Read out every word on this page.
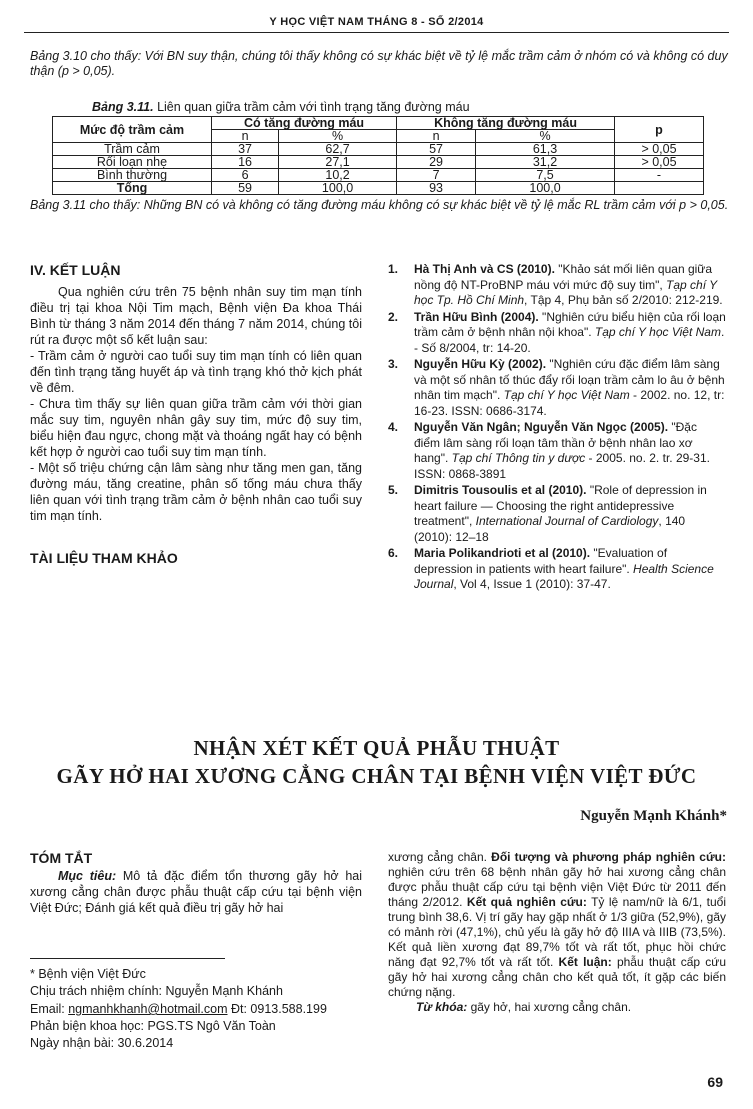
Y HỌC VIỆT NAM THÁNG 8 - SỐ 2/2014
Bảng 3.10 cho thấy: Với BN suy thận, chúng tôi thấy không có sự khác biệt về tỷ lệ mắc trầm cảm ở nhóm có và không có duy thận (p > 0,05).
Bảng 3.11. Liên quan giữa trầm cảm với tình trạng tăng đường máu
Mức độ trầm cảm	Có tăng đường máu		Không tăng đường máu		p
	n	%	n	%	
Trầm cảm	37	62,7	57	61,3	> 0,05
Rối loạn nhẹ	16	27,1	29	31,2	> 0,05
Bình thường	6	10,2	7	7,5	-
Tổng	59	100,0	93	100,0	
Bảng 3.11 cho thấy: Những BN có và không có tăng đường máu không có sự khác biệt về tỷ lệ mắc RL trầm cảm với p > 0,05.

IV. KẾT LUẬN

Qua nghiên cứu trên 75 bệnh nhân suy tim mạn tính điều trị tại khoa Nội Tim mạch, Bệnh viện Đa khoa Thái Bình từ tháng 3 năm 2014 đến tháng 7 năm 2014, chúng tôi rút ra được một số kết luận sau:

- Trầm cảm ở người cao tuổi suy tim mạn tính có liên quan đến tình trạng tăng huyết áp và tình trạng khó thở kịch phát về đêm.

- Chưa tìm thấy sự liên quan giữa trầm cảm với thời gian mắc suy tim, nguyên nhân gây suy tim, mức độ suy tim, biểu hiện đau ngực, chong mặt và thoáng ngất hay có bệnh kết hợp ở người cao tuổi suy tim mạn tính.

- Một số triệu chứng cận lâm sàng như tăng men gan, tăng đường máu, tăng creatine, phân số tống máu chưa thấy liên quan với tình trạng trầm cảm ở bệnh nhân cao tuổi suy tim mạn tính.

TÀI LIỆU THAM KHẢO

1.	Hà Thị Anh và CS (2010). "Khảo sát mối liên quan giữa nồng độ NT-ProBNP máu với mức độ suy tim", Tạp chí Y học Tp. Hồ Chí Minh, Tập 4, Phụ bản số 2/2010: 212-219.
2.	Trần Hữu Bình (2004). "Nghiên cứu biểu hiện của rối loạn trầm cảm ở bệnh nhân nội khoa". Tạp chí Y học Việt Nam. - Số 8/2004, tr: 14-20.
3.	Nguyễn Hữu Kỳ (2002). "Nghiên cứu đặc điểm lâm sàng và một số nhân tố thúc đẩy rối loạn trầm cảm lo âu ở bệnh nhân tim mạch". Tạp chí Y học Việt Nam - 2002. no. 12, tr: 16-23. ISSN: 0686-3174.
4.	Nguyễn Văn Ngân; Nguyễn Văn Ngọc (2005). "Đặc điểm lâm sàng rối loạn tâm thần ở bệnh nhân lao xơ hang". Tạp chí Thông tin y dược - 2005. no. 2. tr. 29-31. ISSN: 0868-3891
5.	Dimitris Tousoulis et al (2010). "Role of depression in heart failure — Choosing the right antidepressive treatment", International Journal of Cardiology, 140 (2010): 12–18
6.	Maria Polikandrioti et al (2010). "Evaluation of depression in patients with heart failure". Health Science Journal, Vol 4, Issue 1 (2010): 37-47.
NHẬN XÉT KẾT QUẢ PHẪU THUẬT
GÃY HỞ HAI XƯƠNG CẲNG CHÂN TẠI BỆNH VIỆN VIỆT ĐỨC
Nguyễn Mạnh Khánh*

TÓM TẮT

Mục tiêu: Mô tả đặc điểm tổn thương gãy hở hai xương cẳng chân được phẫu thuật cấp cứu tại bệnh viện Việt Đức; Đánh giá kết quả điều trị gãy hở hai

xương cẳng chân. Đối tượng và phương pháp nghiên cứu: nghiên cứu trên 68 bệnh nhân gãy hở hai xương cẳng chân được phẫu thuật cấp cứu tại bệnh viện Việt Đức từ 2011 đến tháng 2/2012. Kết quả nghiên cứu: Tỷ lệ nam/nữ là 6/1, tuổi trung bình 38,6. Vị trí gãy hay gặp nhất ở 1/3 giữa (52,9%), gãy có mảnh rời (47,1%), chủ yếu là gãy hở độ IIIA và IIIB (73,5%). Kết quả liền xương đạt 89,7% tốt và rất tốt, phục hồi chức năng đạt 92,7% tốt và rất tốt. Kết luận: phẫu thuật cấp cứu gãy hở hai xương cẳng chân cho kết quả tốt, ít gặp các biến chứng nặng.

Từ khóa: gãy hở, hai xương cẳng chân.

* Bệnh viện Việt Đức
Chịu trách nhiệm chính: Nguyễn Mạnh Khánh
Email: ngmanhkhanh@hotmail.com Đt: 0913.588.199
Phản biện khoa học: PGS.TS Ngô Văn Toàn
Ngày nhận bài: 30.6.2014
69
